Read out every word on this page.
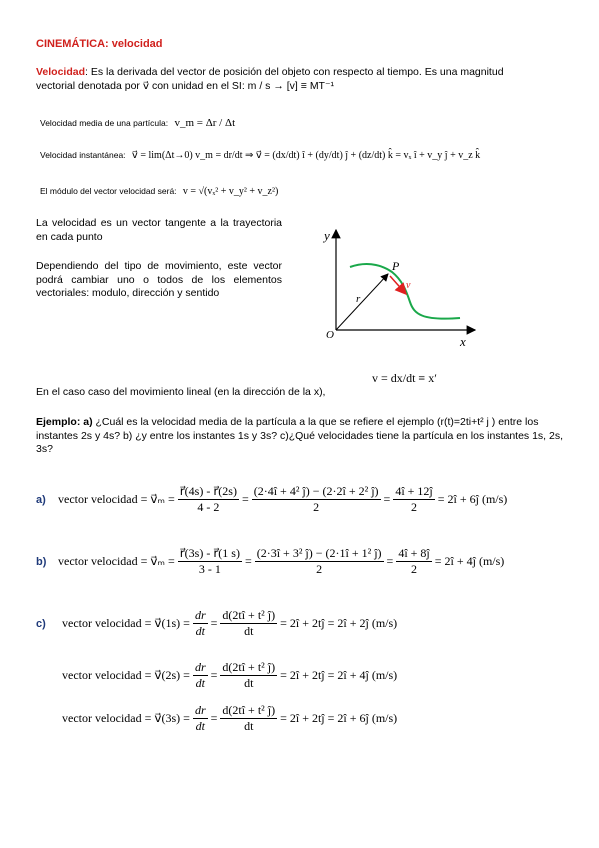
CINEMÁTICA: velocidad
Velocidad: Es la derivada del vector de posición del objeto con respecto al tiempo. Es una magnitud
vectorial denotada por v⃗ con unidad en el SI: m / s → [v] ≡ MT⁻¹
Velocidad media de una partícula: v_m = Δr / Δt
Velocidad instantánea: v⃗ = lim(Δt→0) v_m = dr/dt ⇒ v⃗ = (dx/dt) î + (dy/dt) ĵ + (dz/dt) k̂ = vₓ î + v_y ĵ + v_z k̂
El módulo del vector velocidad será: v = √(vₓ² + v_y² + v_z²)
La velocidad es un vector tangente a la trayectoria en cada punto
Dependiendo del tipo de movimiento, este vector podrá cambiar uno o todos de los elementos vectoriales: modulo, dirección y sentido
y
x
O
P
r⃗
v⃗
v = dx/dt ≡ x′
En el caso caso del movimiento lineal (en la dirección de la x),
Ejemplo: a) ¿Cuál es la velocidad media de la partícula a la que se refiere el ejemplo (r(t)=2ti+t² j ) entre los instantes 2s y 4s? b) ¿y entre los instantes 1s y 3s? c)¿Qué velocidades tiene la partícula en los instantes 1s, 2s, 3s?
a)	vector velocidad = v⃗ₘ = $\frac{r⃗(4s) - r⃗(2s)}{4 - 2} = \frac{\text{(2·4î + 4² ĵ) − (2·2î + 2² ĵ)}}{2} = \frac{4î + 12ĵ}{2}$ = 2î + 6ĵ (m/s)
b) vector velocidad = v⃗ₘ = $\frac{r⃗(3s) - r⃗(1 s)}{3 - 1} = \frac{\text{(2·3î + 3² ĵ) − (2·1î + 1² ĵ)}}{2} = \frac{4î + 8ĵ}{2}$ = 2î + 4ĵ (m/s)
c)	vector velocidad = v⃗(1s) = $\frac{dr}{dt} = \frac{\text{d(2tî + t² ĵ)}}{dt}$ = 2î + 2tĵ = 2î + 2ĵ (m/s)
vector velocidad = v⃗(2s) = $\frac{dr}{dt} = \frac{\text{d(2tî + t² ĵ)}}{dt}$ = 2î + 2tĵ = 2î + 4ĵ (m/s)
vector velocidad = v⃗(3s) = $\frac{dr}{dt} = \frac{\text{d(2tî + t² ĵ)}}{dt}$ = 2î + 2tĵ = 2î + 6ĵ (m/s)
